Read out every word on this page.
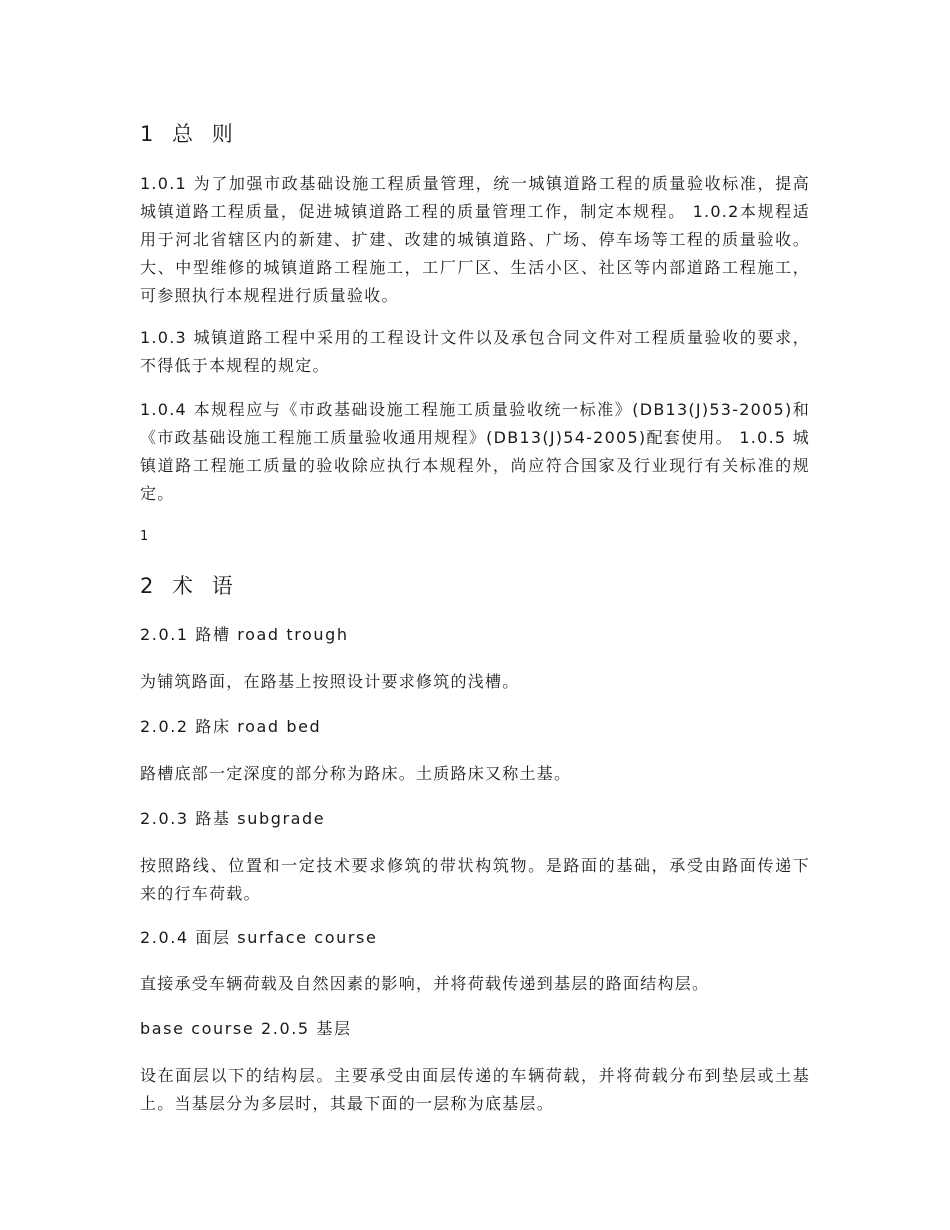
1 总 则
1.0.1 为了加强市政基础设施工程质量管理，统一城镇道路工程的质量验收标准，提高城镇道路工程质量，促进城镇道路工程的质量管理工作，制定本规程。 1.0.2本规程适用于河北省辖区内的新建、扩建、改建的城镇道路、广场、停车场等工程的质量验收。大、中型维修的城镇道路工程施工，工厂厂区、生活小区、社区等内部道路工程施工，可参照执行本规程进行质量验收。
1.0.3 城镇道路工程中采用的工程设计文件以及承包合同文件对工程质量验收的要求，不得低于本规程的规定。
1.0.4 本规程应与《市政基础设施工程施工质量验收统一标准》(DB13(J)53-2005)和《市政基础设施工程施工质量验收通用规程》(DB13(J)54-2005)配套使用。 1.0.5 城镇道路工程施工质量的验收除应执行本规程外，尚应符合国家及行业现行有关标准的规定。
1
2 术 语
2.0.1 路槽 road trough
为铺筑路面，在路基上按照设计要求修筑的浅槽。
2.0.2 路床 road bed
路槽底部一定深度的部分称为路床。土质路床又称土基。
2.0.3 路基 subgrade
按照路线、位置和一定技术要求修筑的带状构筑物。是路面的基础，承受由路面传递下来的行车荷载。
2.0.4 面层 surface course
直接承受车辆荷载及自然因素的影响，并将荷载传递到基层的路面结构层。
base course 2.0.5 基层
设在面层以下的结构层。主要承受由面层传递的车辆荷载，并将荷载分布到垫层或土基上。当基层分为多层时，其最下面的一层称为底基层。
